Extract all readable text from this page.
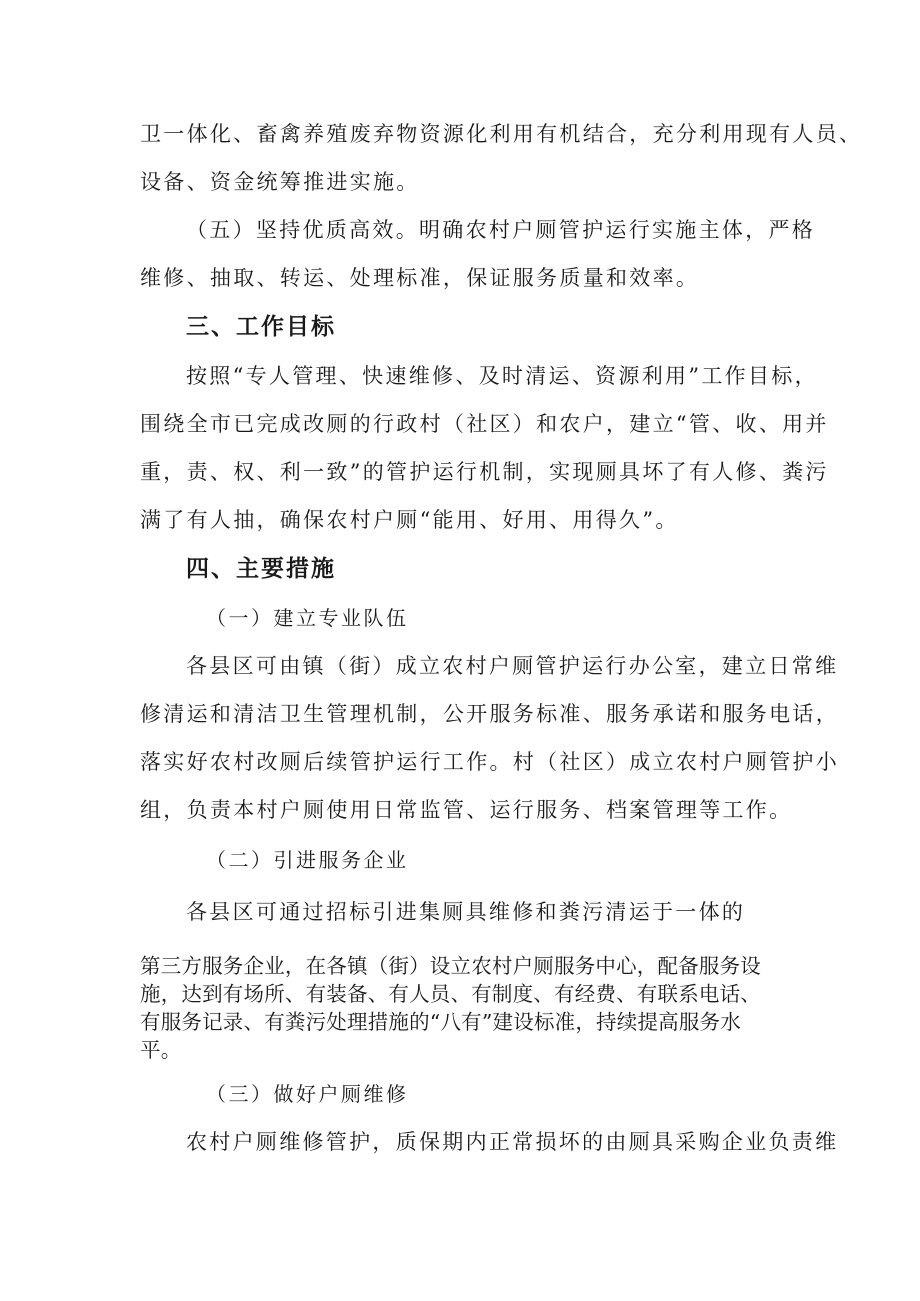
卫一体化、畜禽养殖废弃物资源化利用有机结合，充分利用现有人员、
设备、资金统筹推进实施。
（五）坚持优质高效。明确农村户厕管护运行实施主体，严格
维修、抽取、转运、处理标准，保证服务质量和效率。
三、工作目标
按照“专人管理、快速维修、及时清运、资源利用”工作目标，
围绕全市已完成改厕的行政村（社区）和农户，建立“管、收、用并
重，责、权、利一致”的管护运行机制，实现厕具坏了有人修、粪污
满了有人抽，确保农村户厕“能用、好用、用得久”。
四、主要措施
（一）建立专业队伍
各县区可由镇（街）成立农村户厕管护运行办公室，建立日常维
修清运和清洁卫生管理机制，公开服务标准、服务承诺和服务电话，
落实好农村改厕后续管护运行工作。村（社区）成立农村户厕管护小
组，负责本村户厕使用日常监管、运行服务、档案管理等工作。
（二）引进服务企业
各县区可通过招标引进集厕具维修和粪污清运于一体的
第三方服务企业，在各镇（街）设立农村户厕服务中心，配备服务设
施，达到有场所、有装备、有人员、有制度、有经费、有联系电话、
有服务记录、有粪污处理措施的“八有”建设标准，持续提高服务水
平。
（三）做好户厕维修
农村户厕维修管护，质保期内正常损坏的由厕具采购企业负责维
